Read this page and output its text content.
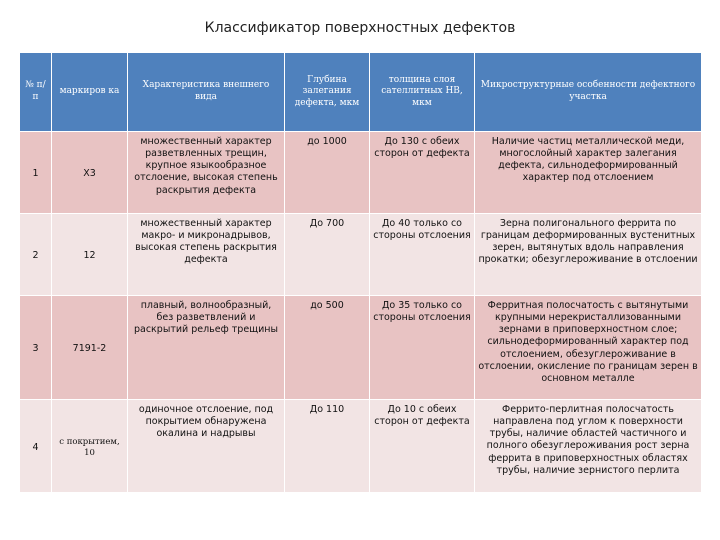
Классификатор поверхностных дефектов
№ п/п	маркиров ка	Характеристика внешнего вида	Глубина залегания дефекта, мкм	толщина слоя сателлитных НВ, мкм	Микроструктурные особенности дефектного участка
1	Х3	множественный характер разветвленных трещин, крупное языкообразное отслоение, высокая степень раскрытия дефекта	до 1000	До 130 с обеих сторон от дефекта	Наличие частиц металлической меди, многослойный характер залегания дефекта, сильнодеформированный характер под отслоением
2	12	множественный характер макро- и микронадрывов, высокая степень раскрытия дефекта	До 700	До 40 только со стороны отслоения	Зерна полигонального феррита по границам деформированных вустенитных зерен, вытянутых вдоль направления прокатки; обезуглероживание в отслоении
3	7191-2	плавный, волнообразный, без разветвлений и раскрытий рельеф трещины	до 500	До 35 только со стороны отслоения	Ферритная полосчатость с вытянутыми крупными нерекристаллизованными зернами в приповерхностном слое; сильнодеформированный характер под отслоением, обезуглероживание в отслоении, окисление по границам зерен в основном металле
4	с покрытием, 10	одиночное отслоение, под покрытием обнаружена окалина и надрывы	До 110	До 10 с обеих сторон от дефекта	Феррито-перлитная полосчатость направлена под углом к поверхности трубы, наличие областей частичного и полного обезуглероживания рост зерна феррита в приповерхностных областях трубы, наличие зернистого перлита
